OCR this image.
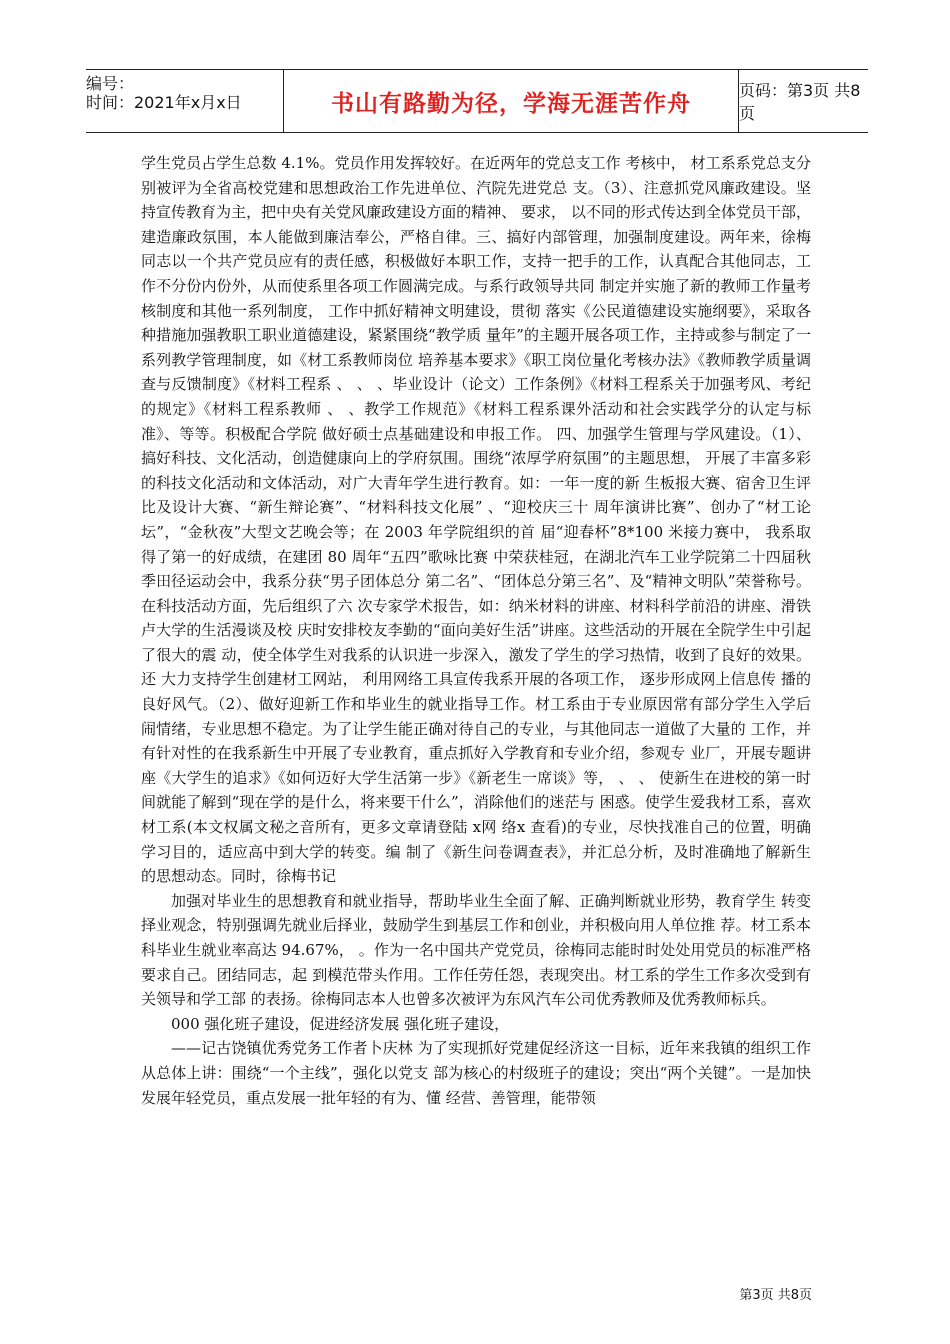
编号：
时间：2021年x月x日	书山有路勤为径，学海无涯苦作舟	页码：第3页 共8页

学生党员占学生总数 4.1%。党员作用发挥较好。在近两年的党总支工作 考核中， 材工系系党总支分别被评为全省高校党建和思想政治工作先进单位、汽院先进党总 支。（3）、注意抓党风廉政建设。坚持宣传教育为主，把中央有关党风廉政建设方面的精神、 要求， 以不同的形式传达到全体党员干部，建造廉政氛围，本人能做到廉洁奉公，严格自律。三、搞好内部管理，加强制度建设。两年来，徐梅同志以一个共产党员应有的责任感，积极做好本职工作，支持一把手的工作，认真配合其他同志，工作不分份内份外，从而使系里各项工作圆满完成。与系行政领导共同 制定并实施了新的教师工作量考核制度和其他一系列制度， 工作中抓好精神文明建设，贯彻 落实《公民道德建设实施纲要》，采取各种措施加强教职工职业道德建设，紧紧围绕“教学质 量年”的主题开展各项工作，主持或参与制定了一系列教学管理制度，如《材工系教师岗位 培养基本要求》《职工岗位量化考核办法》《教师教学质量调查与反馈制度》《材料工程系 、 、 、毕业设计（论文）工作条例》《材料工程系关于加强考风、考纪的规定》《材料工程系教师 、 、教学工作规范》《材料工程系课外活动和社会实践学分的认定与标准》、等等。积极配合学院 做好硕士点基础建设和申报工作。 四、加强学生管理与学风建设。（1）、搞好科技、文化活动，创造健康向上的学府氛围。围绕“浓厚学府氛围”的主题思想， 开展了丰富多彩的科技文化活动和文体活动，对广大青年学生进行教育。如：一年一度的新 生板报大赛、宿舍卫生评比及设计大赛、“新生辩论赛”、“材料科技文化展” 、“迎校庆三十 周年演讲比赛”、创办了“材工论坛”，“金秋夜”大型文艺晚会等；在 2003 年学院组织的首 届“迎春杯”8*100 米接力赛中， 我系取得了第一的好成绩，在建团 80 周年“五四”歌咏比赛 中荣获桂冠，在湖北汽车工业学院第二十四届秋季田径运动会中，我系分获“男子团体总分 第二名”、“团体总分第三名”、及“精神文明队”荣誉称号。在科技活动方面，先后组织了六 次专家学术报告，如：纳米材料的讲座、材料科学前沿的讲座、滑铁卢大学的生活漫谈及校 庆时安排校友李勤的“面向美好生活”讲座。这些活动的开展在全院学生中引起了很大的震 动，使全体学生对我系的认识进一步深入，激发了学生的学习热情，收到了良好的效果。还 大力支持学生创建材工网站， 利用网络工具宣传我系开展的各项工作， 逐步形成网上信息传 播的良好风气。（2）、做好迎新工作和毕业生的就业指导工作。材工系由于专业原因常有部分学生入学后 闹情绪，专业思想不稳定。为了让学生能正确对待自己的专业，与其他同志一道做了大量的 工作，并有针对性的在我系新生中开展了专业教育，重点抓好入学教育和专业介绍，参观专 业厂，开展专题讲座《大学生的追求》《如何迈好大学生活第一步》《新老生一席谈》等， 、 、 使新生在进校的第一时间就能了解到“现在学的是什么，将来要干什么”，消除他们的迷茫与 困惑。使学生爱我材工系，喜欢材工系(本文权属文秘之音所有，更多文章请登陆 x网 络x 查看)的专业，尽快找准自己的位置，明确学习目的，适应高中到大学的转变。编 制了《新生问卷调查表》，并汇总分析，及时准确地了解新生的思想动态。同时，徐梅书记

加强对毕业生的思想教育和就业指导，帮助毕业生全面了解、正确判断就业形势，教育学生 转变择业观念，特别强调先就业后择业，鼓励学生到基层工作和创业，并积极向用人单位推 荐。材工系本科毕业生就业率高达 94.67%， 。作为一名中国共产党党员，徐梅同志能时时处处用党员的标准严格要求自己。团结同志，起 到模范带头作用。工作任劳任怨，表现突出。材工系的学生工作多次受到有关领导和学工部 的表扬。徐梅同志本人也曾多次被评为东风汽车公司优秀教师及优秀教师标兵。

000 强化班子建设，促进经济发展 强化班子建设，

——记古饶镇优秀党务工作者卜庆林 为了实现抓好党建促经济这一目标，近年来我镇的组织工作从总体上讲：围绕“一个主线”，强化以党支 部为核心的村级班子的建设；突出“两个关键”。一是加快发展年轻党员，重点发展一批年轻的有为、懂 经营、善管理，能带领

第3页 共8页
